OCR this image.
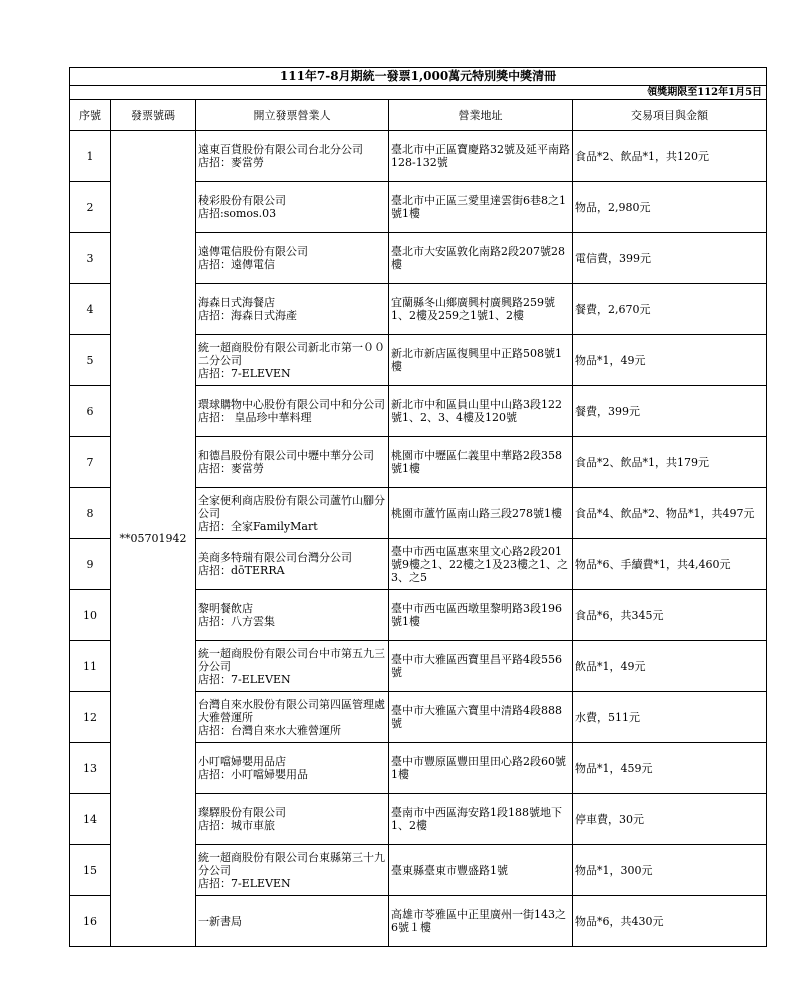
111年7-8月期統一發票1,000萬元特別獎中獎清冊				
領獎期限至112年1月5日				
序號	發票號碼	開立發票營業人	營業地址	交易項目與金額
1	**05701942	遠東百貨股份有限公司台北分公司
店招：麥當勞	臺北市中正區寶慶路32號及延平南路128-132號	食品*2、飲品*1，共120元
2		稜彩股份有限公司
店招:somos.03	臺北市中正區三愛里達雲街6巷8之1號1樓	物品，2,980元
3		遠傳電信股份有限公司
店招：遠傳電信	臺北市大安區敦化南路2段207號28樓	電信費，399元
4		海森日式海餐店
店招：海森日式海產	宜蘭縣冬山鄉廣興村廣興路259號1、2樓及259之1號1、2樓	餐費，2,670元
5		統一超商股份有限公司新北市第一００二分公司
店招：7-ELEVEN	新北市新店區復興里中正路508號1樓	物品*1，49元
6		環球購物中心股份有限公司中和分公司
店招： 皇品珍中華料理	新北市中和區員山里中山路3段122號1、2、3、4樓及120號	餐費，399元
7		和德昌股份有限公司中壢中華分公司
店招：麥當勞	桃園市中壢區仁義里中華路2段358號1樓	食品*2、飲品*1，共179元
8		全家便利商店股份有限公司蘆竹山腳分公司
店招：全家FamilyMart	桃園市蘆竹區南山路三段278號1樓	食品*4、飲品*2、物品*1，共497元
9		美商多特瑞有限公司台灣分公司
店招：dōTERRA	臺中市西屯區惠來里文心路2段201號9樓之1、22樓之1及23樓之1、之3、之5	物品*6、手續費*1，共4,460元
10		黎明餐飲店
店招：八方雲集	臺中市西屯區西墩里黎明路3段196號1樓	食品*6，共345元
11		統一超商股份有限公司台中市第五九三分公司
店招：7-ELEVEN	臺中市大雅區西寶里昌平路4段556號	飲品*1，49元
12		台灣自來水股份有限公司第四區管理處大雅營運所
店招：台灣自來水大雅營運所	臺中市大雅區六寶里中清路4段888號	水費，511元
13		小叮噹婦嬰用品店
店招：小叮噹婦嬰用品	臺中市豐原區豐田里田心路2段60號1樓	物品*1，459元
14		璨驛股份有限公司
店招：城市車旅	臺南市中西區海安路1段188號地下1、2樓	停車費，30元
15		統一超商股份有限公司台東縣第三十九分公司
店招：7-ELEVEN	臺東縣臺東市豐盛路1號	物品*1，300元
16		一新書局	高雄市苓雅區中正里廣州一街143之6號１樓	物品*6，共430元
